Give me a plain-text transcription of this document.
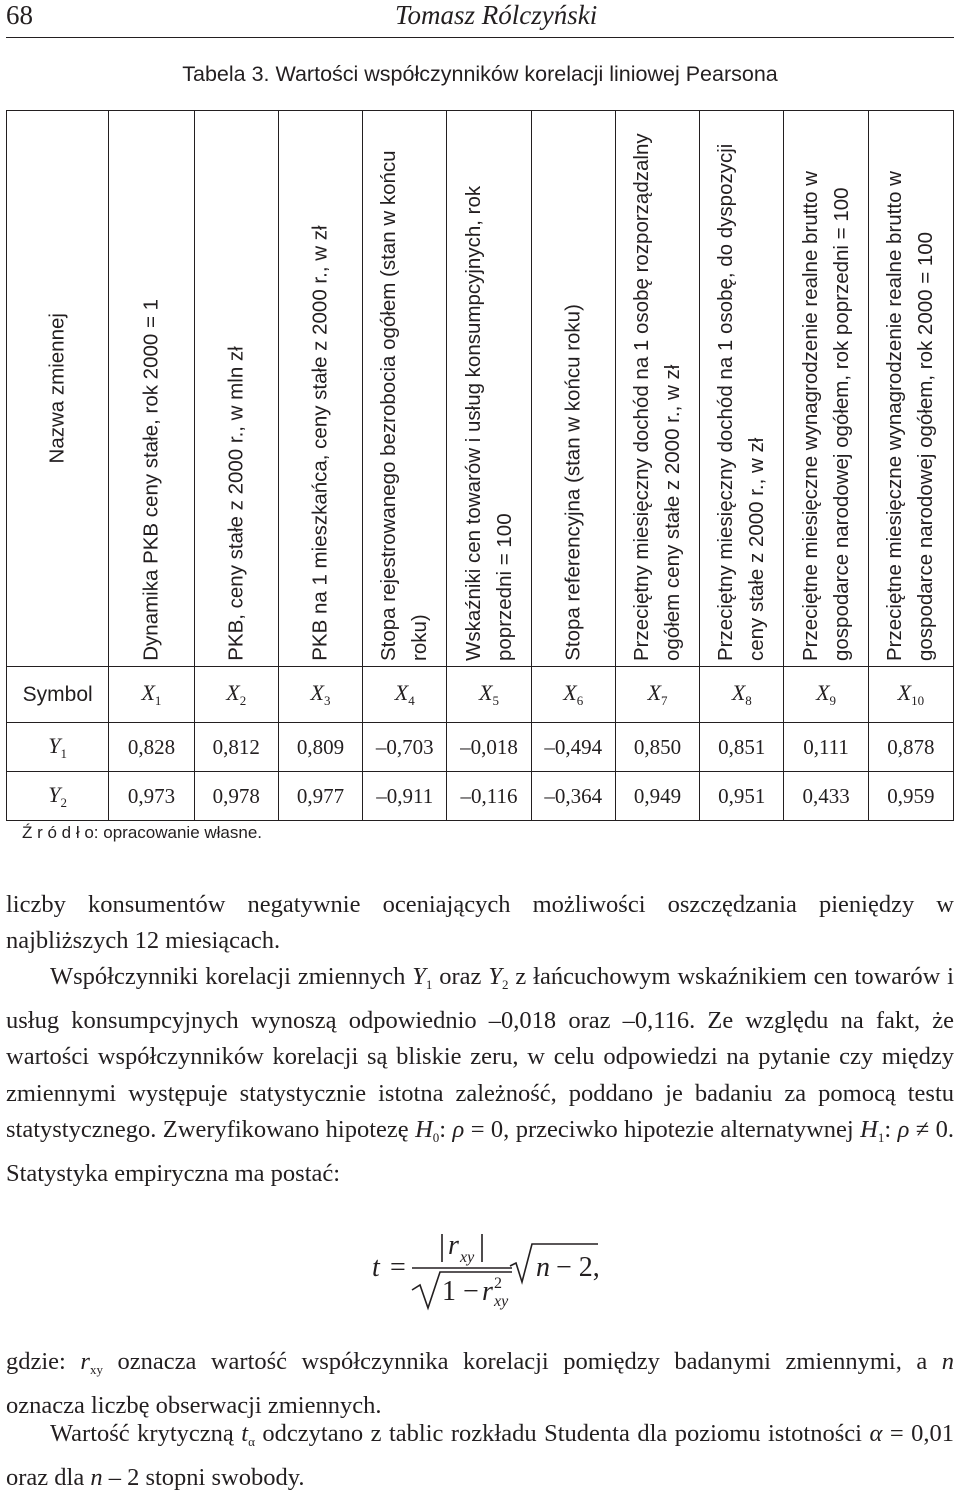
68	Tomasz Rólczyński
Tabela 3. Wartości współczynników korelacji liniowej Pearsona
Nazwa zmiennej	Dynamika PKB ceny stałe, rok 2000 = 1	PKB, ceny stałe z 2000 r., w mln zł	PKB na 1 mieszkańca, ceny stałe z 2000 r., w zł	Stopa rejestrowanego bezrobocia ogółem (stan w końcu roku)	Wskaźniki cen towarów i usług konsumpcyjnych, rok poprzedni = 100	Stopa referencyjna (stan w końcu roku)	Przeciętny miesięczny dochód na 1 osobę rozporządzalny ogółem ceny stałe z 2000 r., w zł	Przeciętny miesięczny dochód na 1 osobę, do dyspozycji ceny stałe z 2000 r., w zł	Przeciętne miesięczne wynagrodzenie realne brutto w gospodarce narodowej ogółem, rok poprzedni = 100	Przeciętne miesięczne wynagrodzenie realne brutto w gospodarce narodowej ogółem, rok 2000 = 100

Symbol	$X_1$	$X_2$	$X_3$	$X_4$	$X_5$	$X_6$	$X_7$	$X_8$	$X_9$	$X_{10}$
$Y_1$	0,828	0,812	0,809	–0,703	–0,018	–0,494	0,850	0,851	0,111	0,878
$Y_2$	0,973	0,978	0,977	–0,911	–0,116	–0,364	0,949	0,951	0,433	0,959
Ź r ó d ł o: opracowanie własne.

liczby konsumentów negatywnie oceniających możliwości oszczędzania pieniędzy w najbliższych 12 miesiącach.

Współczynniki korelacji zmiennych $Y_1$ oraz $Y_2$ z łańcuchowym wskaźnikiem cen towarów i usług konsumpcyjnych wynoszą odpowiednio –0,018 oraz –0,116. Ze względu na fakt, że wartości współczynników korelacji są bliskie zeru, w celu odpowiedzi na pytanie czy między zmiennymi występuje statystycznie istotna zależność, poddano je badaniu za pomocą testu statystycznego. Zweryfikowano hipotezę $H_0$: ρ = 0, przeciwko hipotezie alternatywnej $H_1$: ρ ≠ 0. Statystyka empiryczna ma postać:

t =
r xy
1 − r 2
xy
n − 2,

gdzie: $r_{xy}$ oznacza wartość współczynnika korelacji pomiędzy badanymi zmiennymi, a n oznacza liczbę obserwacji zmiennych.

Wartość krytyczną $t_\alpha$ odczytano z tablic rozkładu Studenta dla poziomu istotności α = 0,01 oraz dla n – 2 stopni swobody.
